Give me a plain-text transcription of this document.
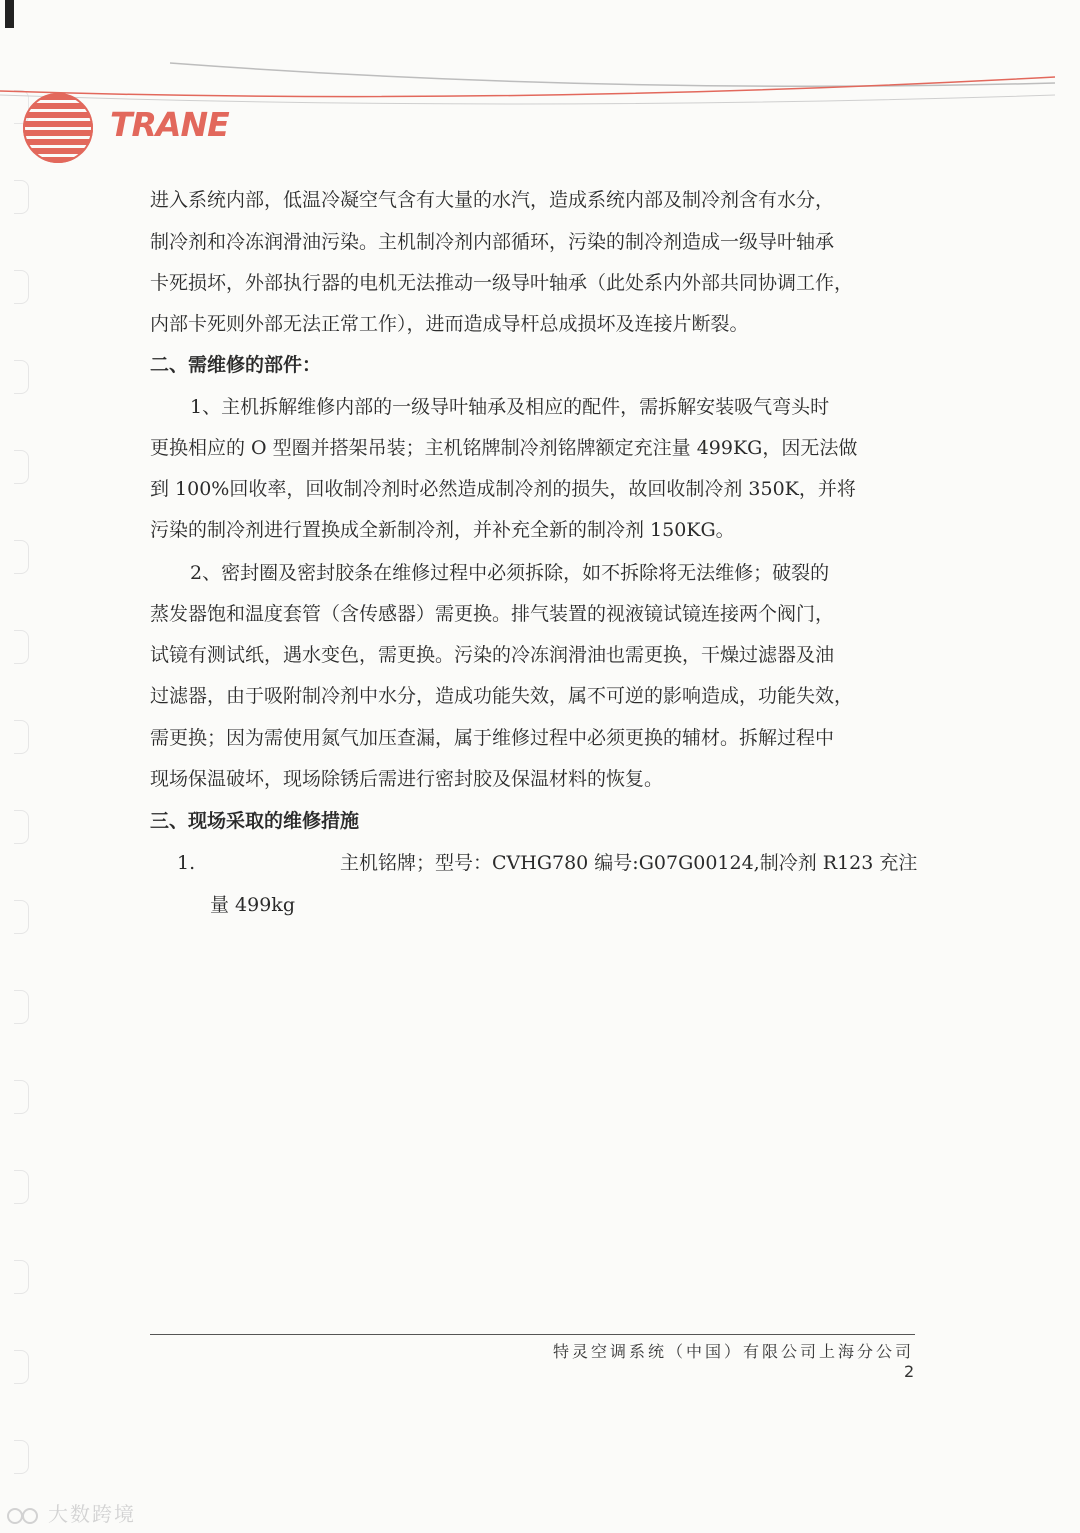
TRANE
进入系统内部，低温冷凝空气含有大量的水汽，造成系统内部及制冷剂含有水分，
制冷剂和冷冻润滑油污染。主机制冷剂内部循环，污染的制冷剂造成一级导叶轴承
卡死损坏，外部执行器的电机无法推动一级导叶轴承（此处系内外部共同协调工作，
内部卡死则外部无法正常工作），进而造成导杆总成损坏及连接片断裂。
二、需维修的部件：
1、主机拆解维修内部的一级导叶轴承及相应的配件，需拆解安装吸气弯头时
更换相应的 O 型圈并搭架吊装；主机铭牌制冷剂铭牌额定充注量 499KG，因无法做
到 100%回收率，回收制冷剂时必然造成制冷剂的损失，故回收制冷剂 350K，并将
污染的制冷剂进行置换成全新制冷剂，并补充全新的制冷剂 150KG。
2、密封圈及密封胶条在维修过程中必须拆除，如不拆除将无法维修；破裂的
蒸发器饱和温度套管（含传感器）需更换。排气装置的视液镜试镜连接两个阀门，
试镜有测试纸，遇水变色，需更换。污染的冷冻润滑油也需更换，干燥过滤器及油
过滤器，由于吸附制冷剂中水分，造成功能失效，属不可逆的影响造成，功能失效，
需更换；因为需使用氮气加压查漏，属于维修过程中必须更换的辅材。拆解过程中
现场保温破坏，现场除锈后需进行密封胶及保温材料的恢复。
三、现场采取的维修措施
1.	主机铭牌；型号：CVHG780 编号:G07G00124,制冷剂 R123 充注
量 499kg
特灵空调系统（中国）有限公司上海分公司
2
大数跨境
